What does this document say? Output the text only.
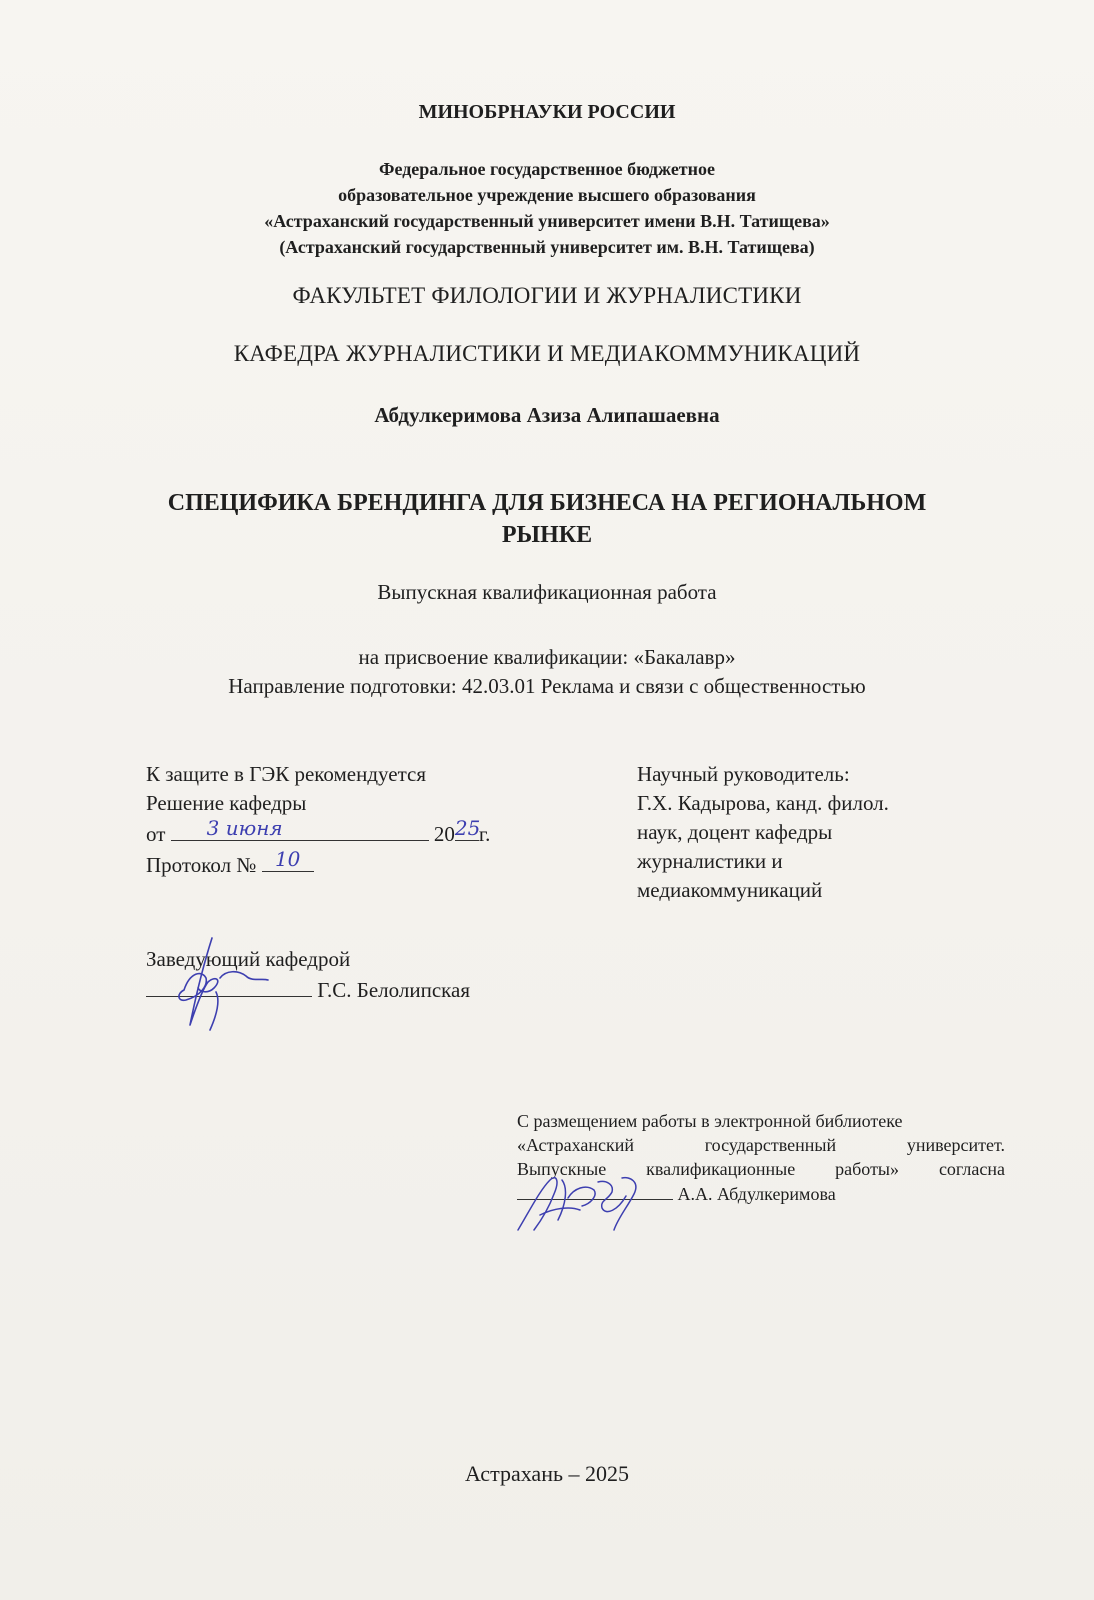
МИНОБРНАУКИ РОССИИ
Федеральное государственное бюджетное
образовательное учреждение высшего образования
«Астраханский государственный университет имени В.Н. Татищева»
(Астраханский государственный университет им. В.Н. Татищева)
ФАКУЛЬТЕТ ФИЛОЛОГИИ И ЖУРНАЛИСТИКИ
КАФЕДРА ЖУРНАЛИСТИКИ И МЕДИАКОММУНИКАЦИЙ
Абдулкеримова Азиза Алипашаевна
СПЕЦИФИКА БРЕНДИНГА ДЛЯ БИЗНЕСА НА РЕГИОНАЛЬНОМ
РЫНКЕ
Выпускная квалификационная работа
на присвоение квалификации: «Бакалавр»
Направление подготовки: 42.03.01 Реклама и связи с общественностью
К защите в ГЭК рекомендуется
Решение кафедры
от	3 июня	20 25
г.
Протокол № 10
Научный руководитель:
Г.Х. Кадырова, канд. филол.
наук, доцент кафедры
журналистики и
медиакоммуникаций
Заведующий кафедрой
Г.С. Белолипская
С размещением работы в электронной библиотеке
«Астраханский государственный университет.
Выпускные квалификационные работы» согласна
А.А. Абдулкеримова
Астрахань – 2025
